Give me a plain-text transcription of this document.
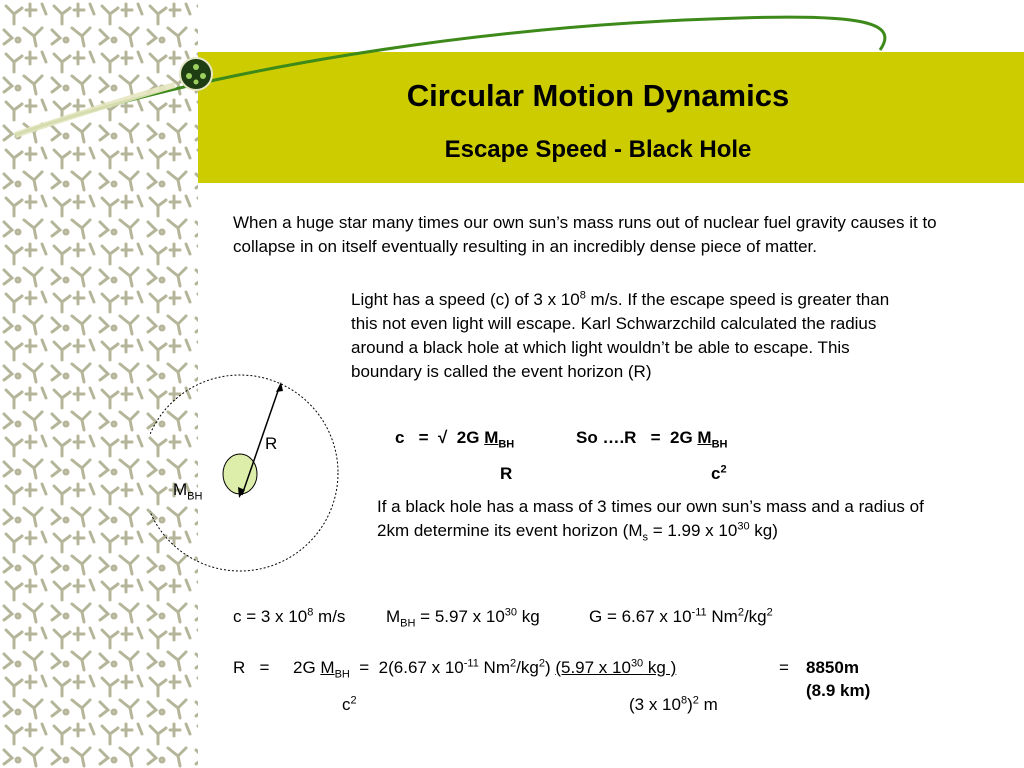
Circular Motion Dynamics
Escape Speed - Black Hole
When a huge star many times our own sun’s mass runs out of nuclear fuel gravity causes it to collapse in on itself eventually resulting in an incredibly dense piece of matter.
Light has a speed (c) of 3 x $10^8$ m/s. If the escape speed is greater than this not even light will escape. Karl Schwarzchild calculated the radius around a black hole at which light wouldn’t be able to escape. This boundary is called the event horizon (R)
R
$M_{BH}$
c   =  √  2G $M_{BH}$	So ….R   =  2G $M_{BH}$
R	$c^2$
If a black hole has a mass of 3 times our own sun’s mass and a radius of 2km determine its event horizon ($M_s = 1.99$ x $10^{30}$ kg)
c = 3 x $10^8$ m/s $M_{BH} = 5.97$ x $10^{30}$ kg	G = 6.67 x $10^{-11}$ $Nm^2/kg^2$
R   =     2G $M_{BH} = 2(6.67$ x $10^{-11}$ $Nm^2/kg^2$) (5.97 x $10^{30}$ kg )	= 8850m
(8.9 km)
$c^2$	(3 x $10^8)^2$ m
